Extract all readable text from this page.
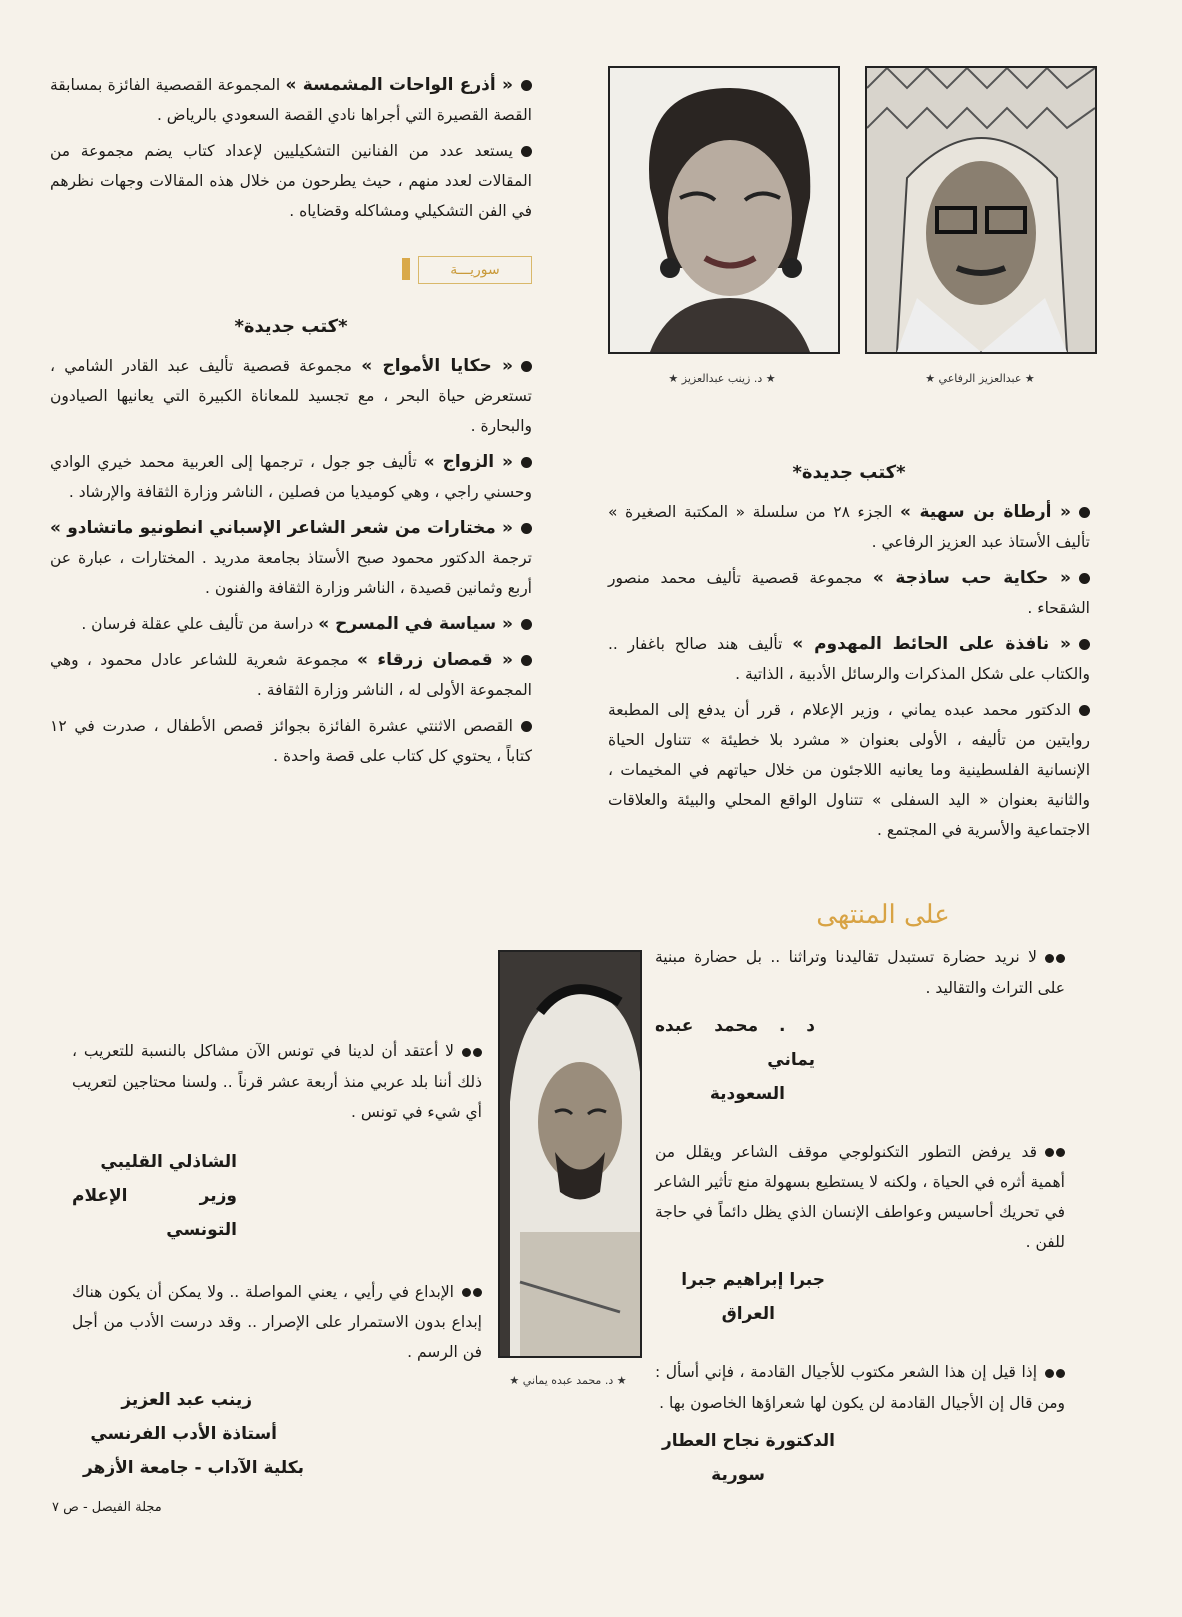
★ عبدالعزيز الرفاعي ★
★ د. زينب عبدالعزيز ★

« أذرع الواحات المشمسة » المجموعة القصصية الفائزة بمسابقة القصة القصيرة التي أجراها نادي القصة السعودي بالرياض .

يستعد عدد من الفنانين التشكيليين لإعداد كتاب يضم مجموعة من المقالات لعدد منهم ، حيث يطرحون من خلال هذه المقالات وجهات نظرهم في الفن التشكيلي ومشاكله وقضاياه .

سوريـــة
*كتب جديدة*

« حكايا الأمواج » مجموعة قصصية تأليف عبد القادر الشامي ، تستعرض حياة البحر ، مع تجسيد للمعاناة الكبيرة التي يعانيها الصيادون والبحارة .

« الزواج » تأليف جو جول ، ترجمها إلى العربية محمد خيري الوادي وحسني راجي ، وهي كوميديا من فصلين ، الناشر وزارة الثقافة والإرشاد .

« مختارات من شعر الشاعر الإسباني انطونيو ماتشادو » ترجمة الدكتور محمود صبح الأستاذ بجامعة مدريد . المختارات ، عبارة عن أربع وثمانين قصيدة ، الناشر وزارة الثقافة والفنون .

« سياسة في المسرح » دراسة من تأليف علي عقلة فرسان .

« قمصان زرقاء » مجموعة شعرية للشاعر عادل محمود ، وهي المجموعة الأولى له ، الناشر وزارة الثقافة .

القصص الاثنتي عشرة الفائزة بجوائز قصص الأطفال ، صدرت في ١٢ كتاباً ، يحتوي كل كتاب على قصة واحدة .

*كتب جديدة*

« أرطاة بن سهية » الجزء ٢٨ من سلسلة « المكتبة الصغيرة » تأليف الأستاذ عبد العزيز الرفاعي .

« حكاية حب ساذجة » مجموعة قصصية تأليف محمد منصور الشقحاء .

« نافذة على الحائط المهدوم » تأليف هند صالح باغفار .. والكتاب على شكل المذكرات والرسائل الأدبية ، الذاتية .

الدكتور محمد عبده يماني ، وزير الإعلام ، قرر أن يدفع إلى المطبعة روايتين من تأليفه ، الأولى بعنوان « مشرد بلا خطيئة » تتناول الحياة الإنسانية الفلسطينية وما يعانيه اللاجئون من خلال حياتهم في المخيمات ، والثانية بعنوان « اليد السفلى » تتناول الواقع المحلي والبيئة والعلاقات الاجتماعية والأسرية في المجتمع .

على المنتهى

لا نريد حضارة تستبدل تقاليدنا وتراثنا .. بل حضارة مبنية على التراث والتقاليد .

د . محمد عبده يماني
السعودية

قد يرفض التطور التكنولوجي موقف الشاعر ويقلل من أهمية أثره في الحياة ، ولكنه لا يستطيع بسهولة منع تأثير الشاعر في تحريك أحاسيس وعواطف الإنسان الذي يظل دائماً في حاجة للفن .

جبرا إبراهيم جبرا
العراق

إذا قيل إن هذا الشعر مكتوب للأجيال القادمة ، فإني أسأل : ومن قال إن الأجيال القادمة لن يكون لها شعراؤها الخاصون بها .

الدكتورة نجاح العطار
سورية
★ د. محمد عبده يماني ★

لا أعتقد أن لدينا في تونس الآن مشاكل بالنسبة للتعريب ، ذلك أننا بلد عربي منذ أربعة عشر قرناً .. ولسنا محتاجين لتعريب أي شيء في تونس .

الشاذلي القليبي
وزير الإعلام التونسي

الإبداع في رأيي ، يعني المواصلة .. ولا يمكن أن يكون هناك إبداع بدون الاستمرار على الإصرار .. وقد درست الأدب من أجل فن الرسم .

زينب عبد العزيز
أستاذة الأدب الفرنسي
بكلية الآداب - جامعة الأزهر
مجلة الفيصل - ص ٧
